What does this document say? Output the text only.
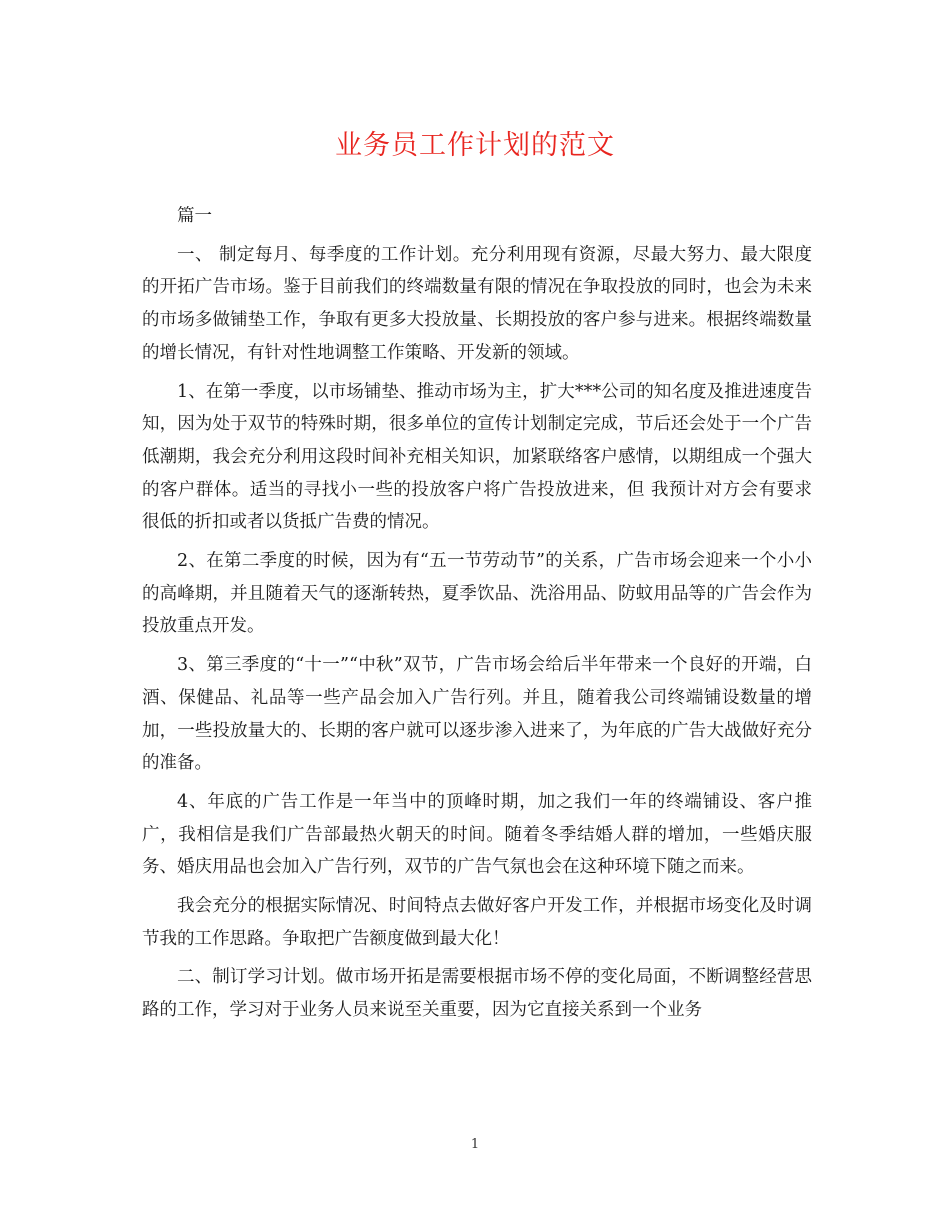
业务员工作计划的范文

篇一

一、 制定每月、每季度的工作计划。充分利用现有资源，尽最大努力、最大限度的开拓广告市场。鉴于目前我们的终端数量有限的情况在争取投放的同时，也会为未来的市场多做铺垫工作，争取有更多大投放量、长期投放的客户参与进来。根据终端数量的增长情况，有针对性地调整工作策略、开发新的领域。

1、在第一季度，以市场铺垫、推动市场为主，扩大***公司的知名度及推进速度告知，因为处于双节的特殊时期，很多单位的宣传计划制定完成，节后还会处于一个广告低潮期，我会充分利用这段时间补充相关知识，加紧联络客户感情，以期组成一个强大的客户群体。适当的寻找小一些的投放客户将广告投放进来，但 我预计对方会有要求很低的折扣或者以货抵广告费的情况。

2、在第二季度的时候，因为有“五一节劳动节”的关系，广告市场会迎来一个小小的高峰期，并且随着天气的逐渐转热，夏季饮品、洗浴用品、防蚊用品等的广告会作为投放重点开发。

3、第三季度的“十一”“中秋”双节，广告市场会给后半年带来一个良好的开端，白酒、保健品、礼品等一些产品会加入广告行列。并且，随着我公司终端铺设数量的增加，一些投放量大的、长期的客户就可以逐步渗入进来了，为年底的广告大战做好充分的准备。

4、年底的广告工作是一年当中的顶峰时期，加之我们一年的终端铺设、客户推广，我相信是我们广告部最热火朝天的时间。随着冬季结婚人群的增加，一些婚庆服务、婚庆用品也会加入广告行列，双节的广告气氛也会在这种环境下随之而来。

我会充分的根据实际情况、时间特点去做好客户开发工作，并根据市场变化及时调节我的工作思路。争取把广告额度做到最大化！

二、制订学习计划。做市场开拓是需要根据市场不停的变化局面，不断调整经营思路的工作，学习对于业务人员来说至关重要，因为它直接关系到一个业务

1
